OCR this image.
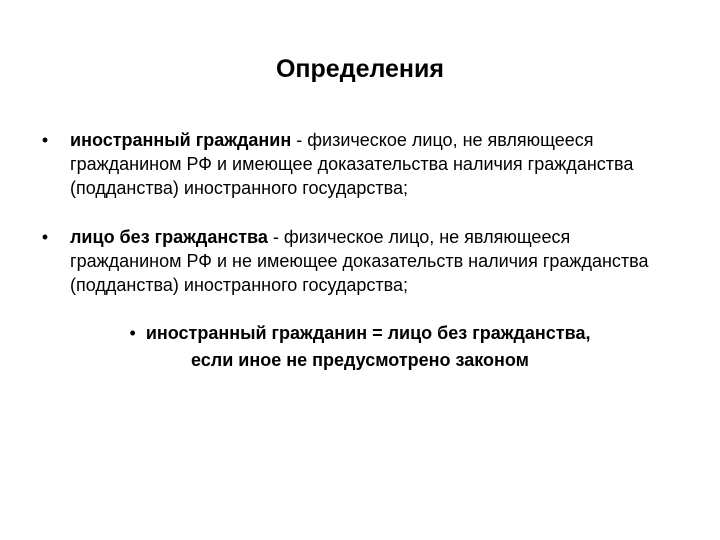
Определения
• иностранный гражданин - физическое лицо, не являющееся гражданином РФ и имеющее доказательства наличия гражданства (подданства) иностранного государства;
• лицо без гражданства - физическое лицо, не являющееся гражданином РФ и не имеющее доказательств наличия гражданства (подданства) иностранного государства;
• иностранный гражданин = лицо без гражданства,
если иное не предусмотрено законом
